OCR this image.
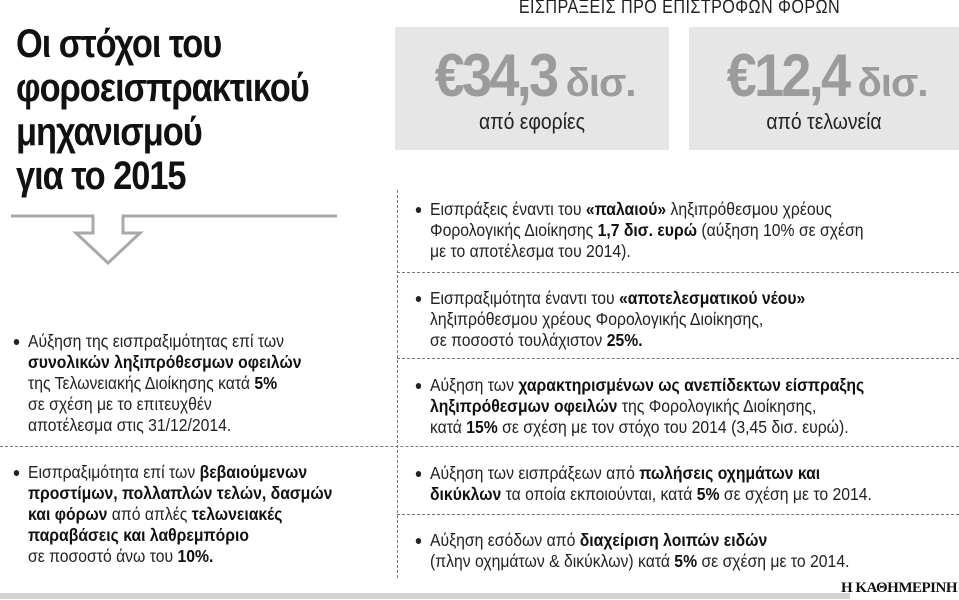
Οι στόχοι του
φοροεισπρακτικού
μηχανισμού
για το 2015
ΕΙΣΠΡΑΞΕΙΣ ΠΡΟ ΕΠΙΣΤΡΟΦΩΝ ΦΟΡΩΝ
€34,3 δισ.
από εφορίες
€12,4 δισ.
από τελωνεία
● Αύξηση της εισπραξιμότητας επί των
συνολικών ληξιπρόθεσμων οφειλών
της Τελωνειακής Διοίκησης κατά 5%
σε σχέση με το επιτευχθέν
αποτέλεσμα στις 31/12/2014.
● Εισπραξιμότητα επί των βεβαιούμενων
προστίμων, πολλαπλών τελών, δασμών
και φόρων από απλές τελωνειακές
παραβάσεις και λαθρεμπόριο
σε ποσοστό άνω του 10%.
● Εισπράξεις έναντι του «παλαιού» ληξιπρόθεσμου χρέους
Φορολογικής Διοίκησης 1,7 δισ. ευρώ (αύξηση 10% σε σχέση
με το αποτέλεσμα του 2014).
● Εισπραξιμότητα έναντι του «αποτελεσματικού νέου»
ληξιπρόθεσμου χρέους Φορολογικής Διοίκησης,
σε ποσοστό τουλάχιστον 25%.
● Αύξηση των χαρακτηρισμένων ως ανεπίδεκτων είσπραξης
ληξιπρόθεσμων οφειλών της Φορολογικής Διοίκησης,
κατά 15% σε σχέση με τον στόχο του 2014 (3,45 δισ. ευρώ).
● Αύξηση των εισπράξεων από πωλήσεις οχημάτων και
δικύκλων τα οποία εκποιούνται, κατά 5% σε σχέση με το 2014.
● Αύξηση εσόδων από διαχείριση λοιπών ειδών
(πλην οχημάτων & δικύκλων) κατά 5% σε σχέση με το 2014.
Η ΚΑΘΗΜΕΡΙΝΗ
